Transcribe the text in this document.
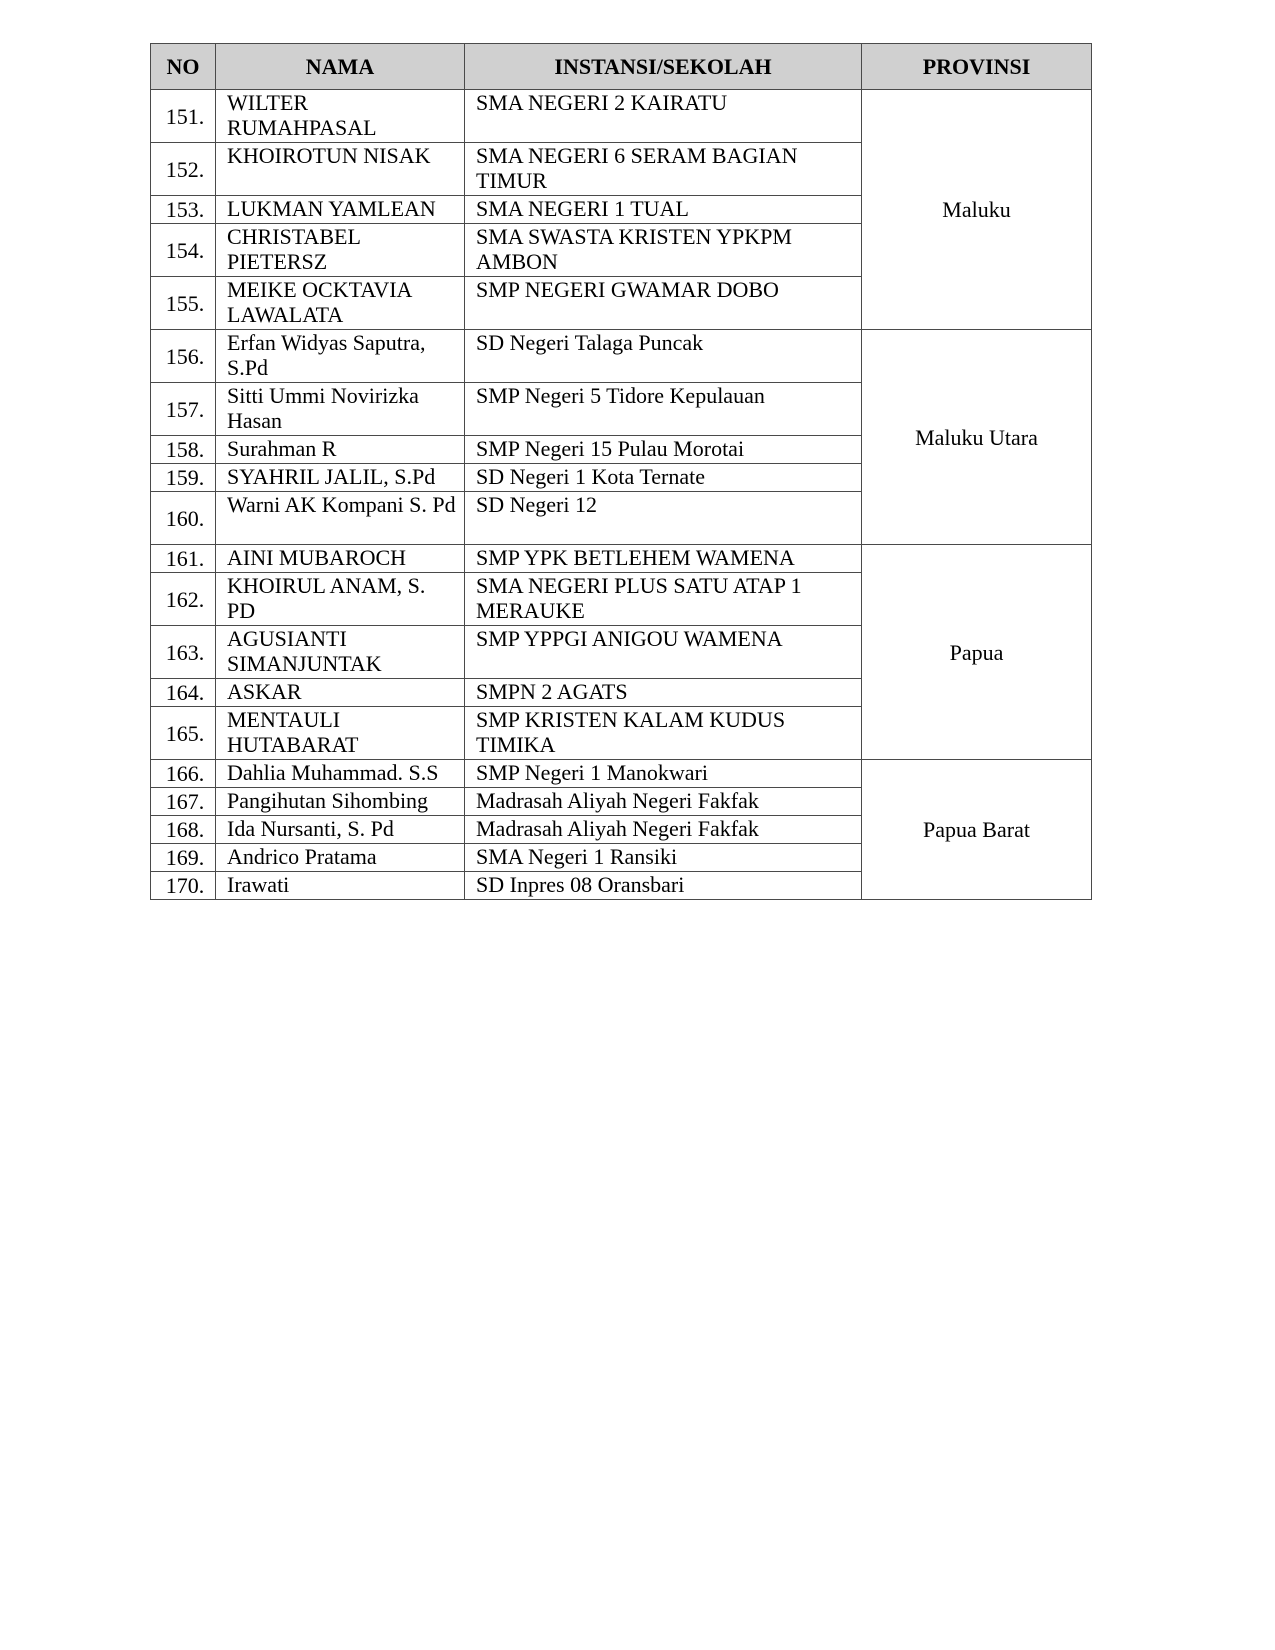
NO	NAMA	INSTANSI/SEKOLAH	PROVINSI
151.	WILTER RUMAHPASAL	SMA NEGERI 2 KAIRATU	Maluku
152.	KHOIROTUN NISAK	SMA NEGERI 6 SERAM BAGIAN TIMUR	
153.	LUKMAN YAMLEAN	SMA NEGERI 1 TUAL	
154.	CHRISTABEL PIETERSZ	SMA SWASTA KRISTEN YPKPM AMBON	
155.	MEIKE OCKTAVIA LAWALATA	SMP NEGERI GWAMAR DOBO	
156.	Erfan Widyas Saputra, S.Pd	SD Negeri Talaga Puncak	Maluku Utara
157.	Sitti Ummi Novirizka Hasan	SMP Negeri 5 Tidore Kepulauan	
158.	Surahman R	SMP Negeri 15 Pulau Morotai	
159.	SYAHRIL JALIL, S.Pd	SD Negeri 1 Kota Ternate	
160.	Warni AK Kompani S. Pd	SD Negeri 12	
161.	AINI MUBAROCH	SMP YPK BETLEHEM WAMENA	Papua
162.	KHOIRUL ANAM, S. PD	SMA NEGERI PLUS SATU ATAP 1 MERAUKE	
163.	AGUSIANTI SIMANJUNTAK	SMP YPPGI ANIGOU WAMENA	
164.	ASKAR	SMPN 2 AGATS	
165.	MENTAULI HUTABARAT	SMP KRISTEN KALAM KUDUS TIMIKA	
166.	Dahlia Muhammad. S.S	SMP Negeri 1 Manokwari	Papua Barat
167.	Pangihutan Sihombing	Madrasah Aliyah Negeri Fakfak	
168.	Ida Nursanti, S. Pd	Madrasah Aliyah Negeri Fakfak	
169.	Andrico Pratama	SMA Negeri 1 Ransiki	
170.	Irawati	SD Inpres 08 Oransbari	
